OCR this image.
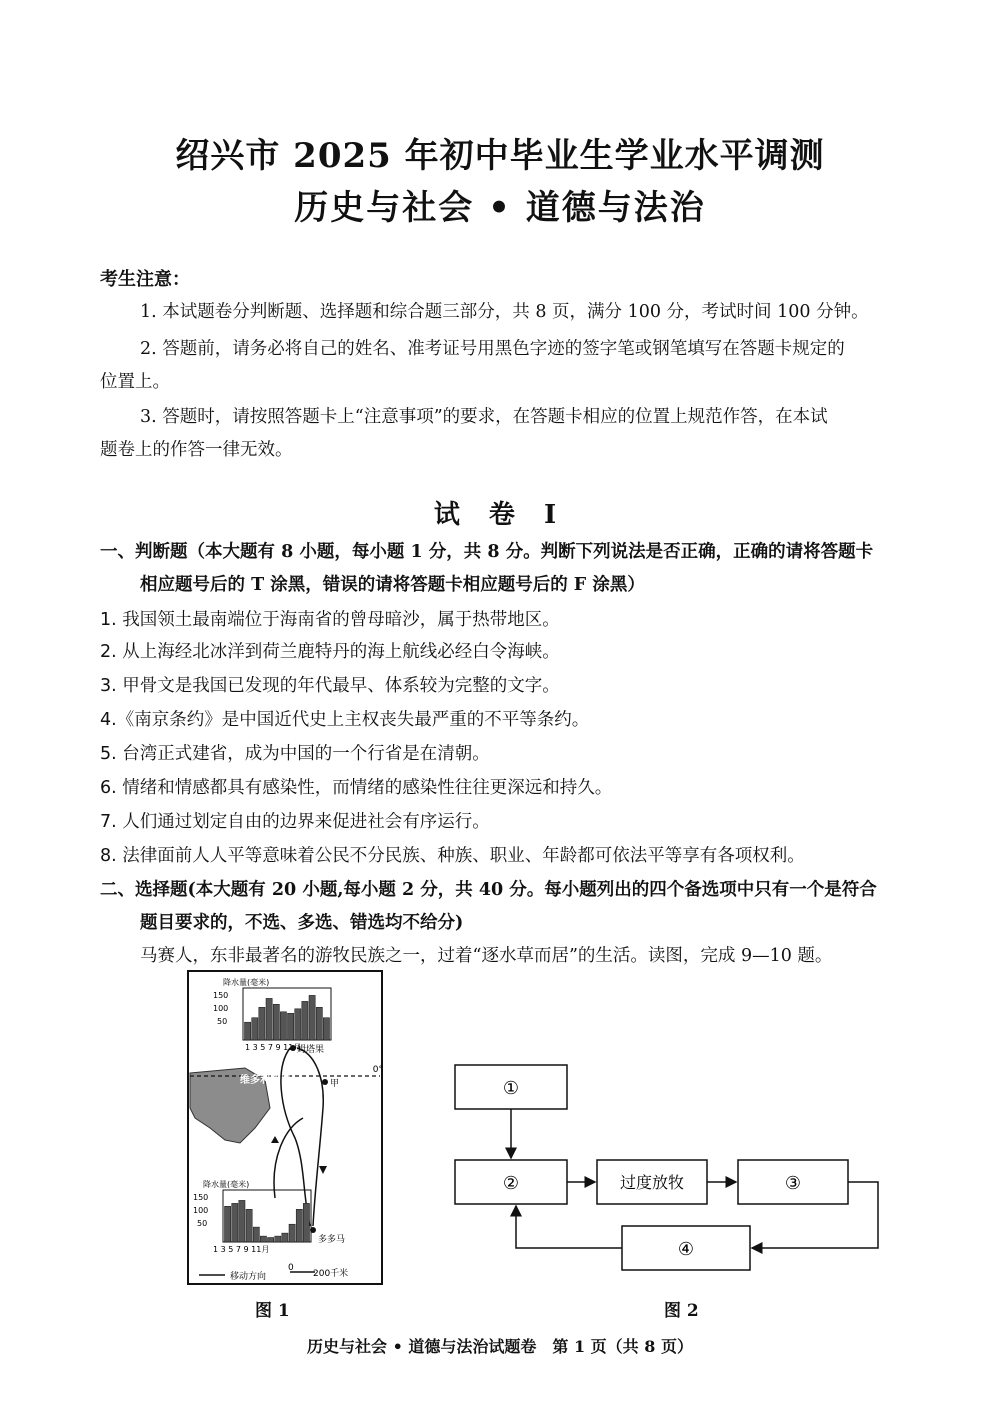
绍兴市 2025 年初中毕业生学业水平调测
历史与社会 • 道德与法治
考生注意：
1. 本试题卷分判断题、选择题和综合题三部分，共 8 页，满分 100 分，考试时间 100 分钟。
2. 答题前，请务必将自己的姓名、准考证号用黑色字迹的签字笔或钢笔填写在答题卡规定的
位置上。
3. 答题时，请按照答题卡上“注意事项”的要求，在答题卡相应的位置上规范作答，在本试
题卷上的作答一律无效。
试 卷 I
一、判断题（本大题有 8 小题，每小题 1 分，共 8 分。判断下列说法是否正确，正确的请将答题卡
相应题号后的 T 涂黑，错误的请将答题卡相应题号后的 F 涂黑）
1. 我国领土最南端位于海南省的曾母暗沙，属于热带地区。
2. 从上海经北冰洋到荷兰鹿特丹的海上航线必经白令海峡。
3. 甲骨文是我国已发现的年代最早、体系较为完整的文字。
4.《南京条约》是中国近代史上主权丧失最严重的不平等条约。
5. 台湾正式建省，成为中国的一个行省是在清朝。
6. 情绪和情感都具有感染性，而情绪的感染性往往更深远和持久。
7. 人们通过划定自由的边界来促进社会有序运行。
8. 法律面前人人平等意味着公民不分民族、种族、职业、年龄都可依法平等享有各项权利。
二、选择题(本大题有 20 小题,每小题 2 分，共 40 分。每小题列出的四个备选项中只有一个是符合
题目要求的，不选、多选、错选均不给分)
马赛人，东非最著名的游牧民族之一，过着“逐水草而居”的生活。读图，完成 9—10 题。
0°
维多利亚湖
姆塔果
甲
多多马
移动方向
0
200千米
降水量(毫米)
150
100
50
1 3 5 7 9 11月
降水量(毫米)
150
100
50
1 3 5 7 9 11月
图 1
①
②	过度放牧	③
④
图 2
历史与社会 • 道德与法治试题卷　第 1 页（共 8 页）
